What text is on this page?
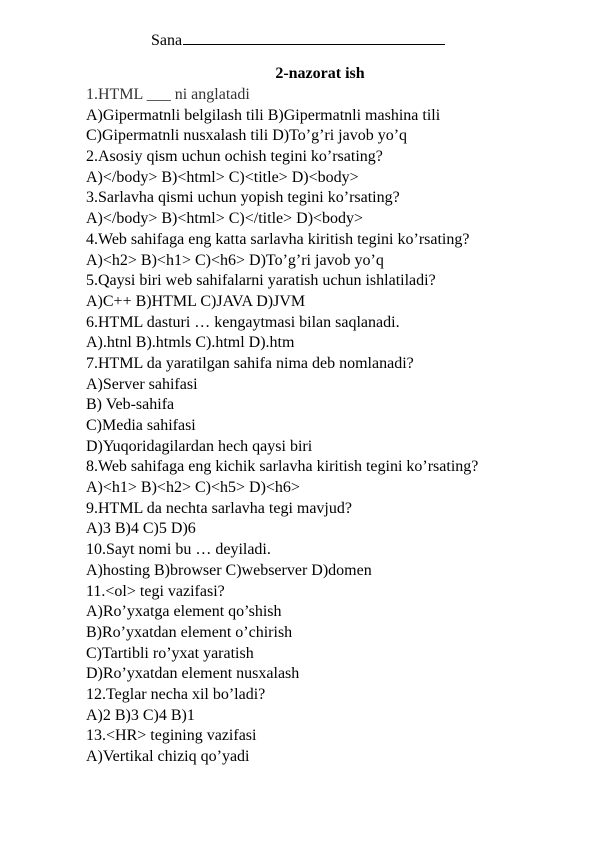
Sana
2-nazorat ish
1.HTML ___ ni anglatadi
A)Gipermatnli belgilash tili B)Gipermatnli mashina tili
C)Gipermatnli nusxalash tili D)To’g’ri javob yo’q
2.Asosiy qism uchun ochish tegini ko’rsating?
A)</body> B)<html> C)<title> D)<body>
3.Sarlavha qismi uchun yopish tegini ko’rsating?
A)</body> B)<html> C)</title> D)<body>
4.Web sahifaga eng katta sarlavha kiritish tegini ko’rsating?
A)<h2> B)<h1> C)<h6> D)To’g’ri javob yo’q
5.Qaysi biri web sahifalarni yaratish uchun ishlatiladi?
A)C++ B)HTML C)JAVA D)JVM
6.HTML dasturi … kengaytmasi bilan saqlanadi.
A).htnl B).htmls C).html D).htm
7.HTML da yaratilgan sahifa nima deb nomlanadi?
A)Server sahifasi
B) Veb-sahifa
C)Media sahifasi
D)Yuqoridagilardan hech qaysi biri
8.Web sahifaga eng kichik sarlavha kiritish tegini ko’rsating?
A)<h1> B)<h2> C)<h5> D)<h6>
9.HTML da nechta sarlavha tegi mavjud?
A)3 B)4 C)5 D)6
10.Sayt nomi bu … deyiladi.
A)hosting B)browser C)webserver D)domen
11.<ol> tegi vazifasi?
A)Ro’yxatga element qo’shish
B)Ro’yxatdan element o’chirish
C)Tartibli ro’yxat yaratish
D)Ro’yxatdan element nusxalash
12.Teglar necha xil bo’ladi?
A)2 B)3 C)4 B)1
13.<HR> tegining vazifasi
A)Vertikal chiziq qo’yadi
